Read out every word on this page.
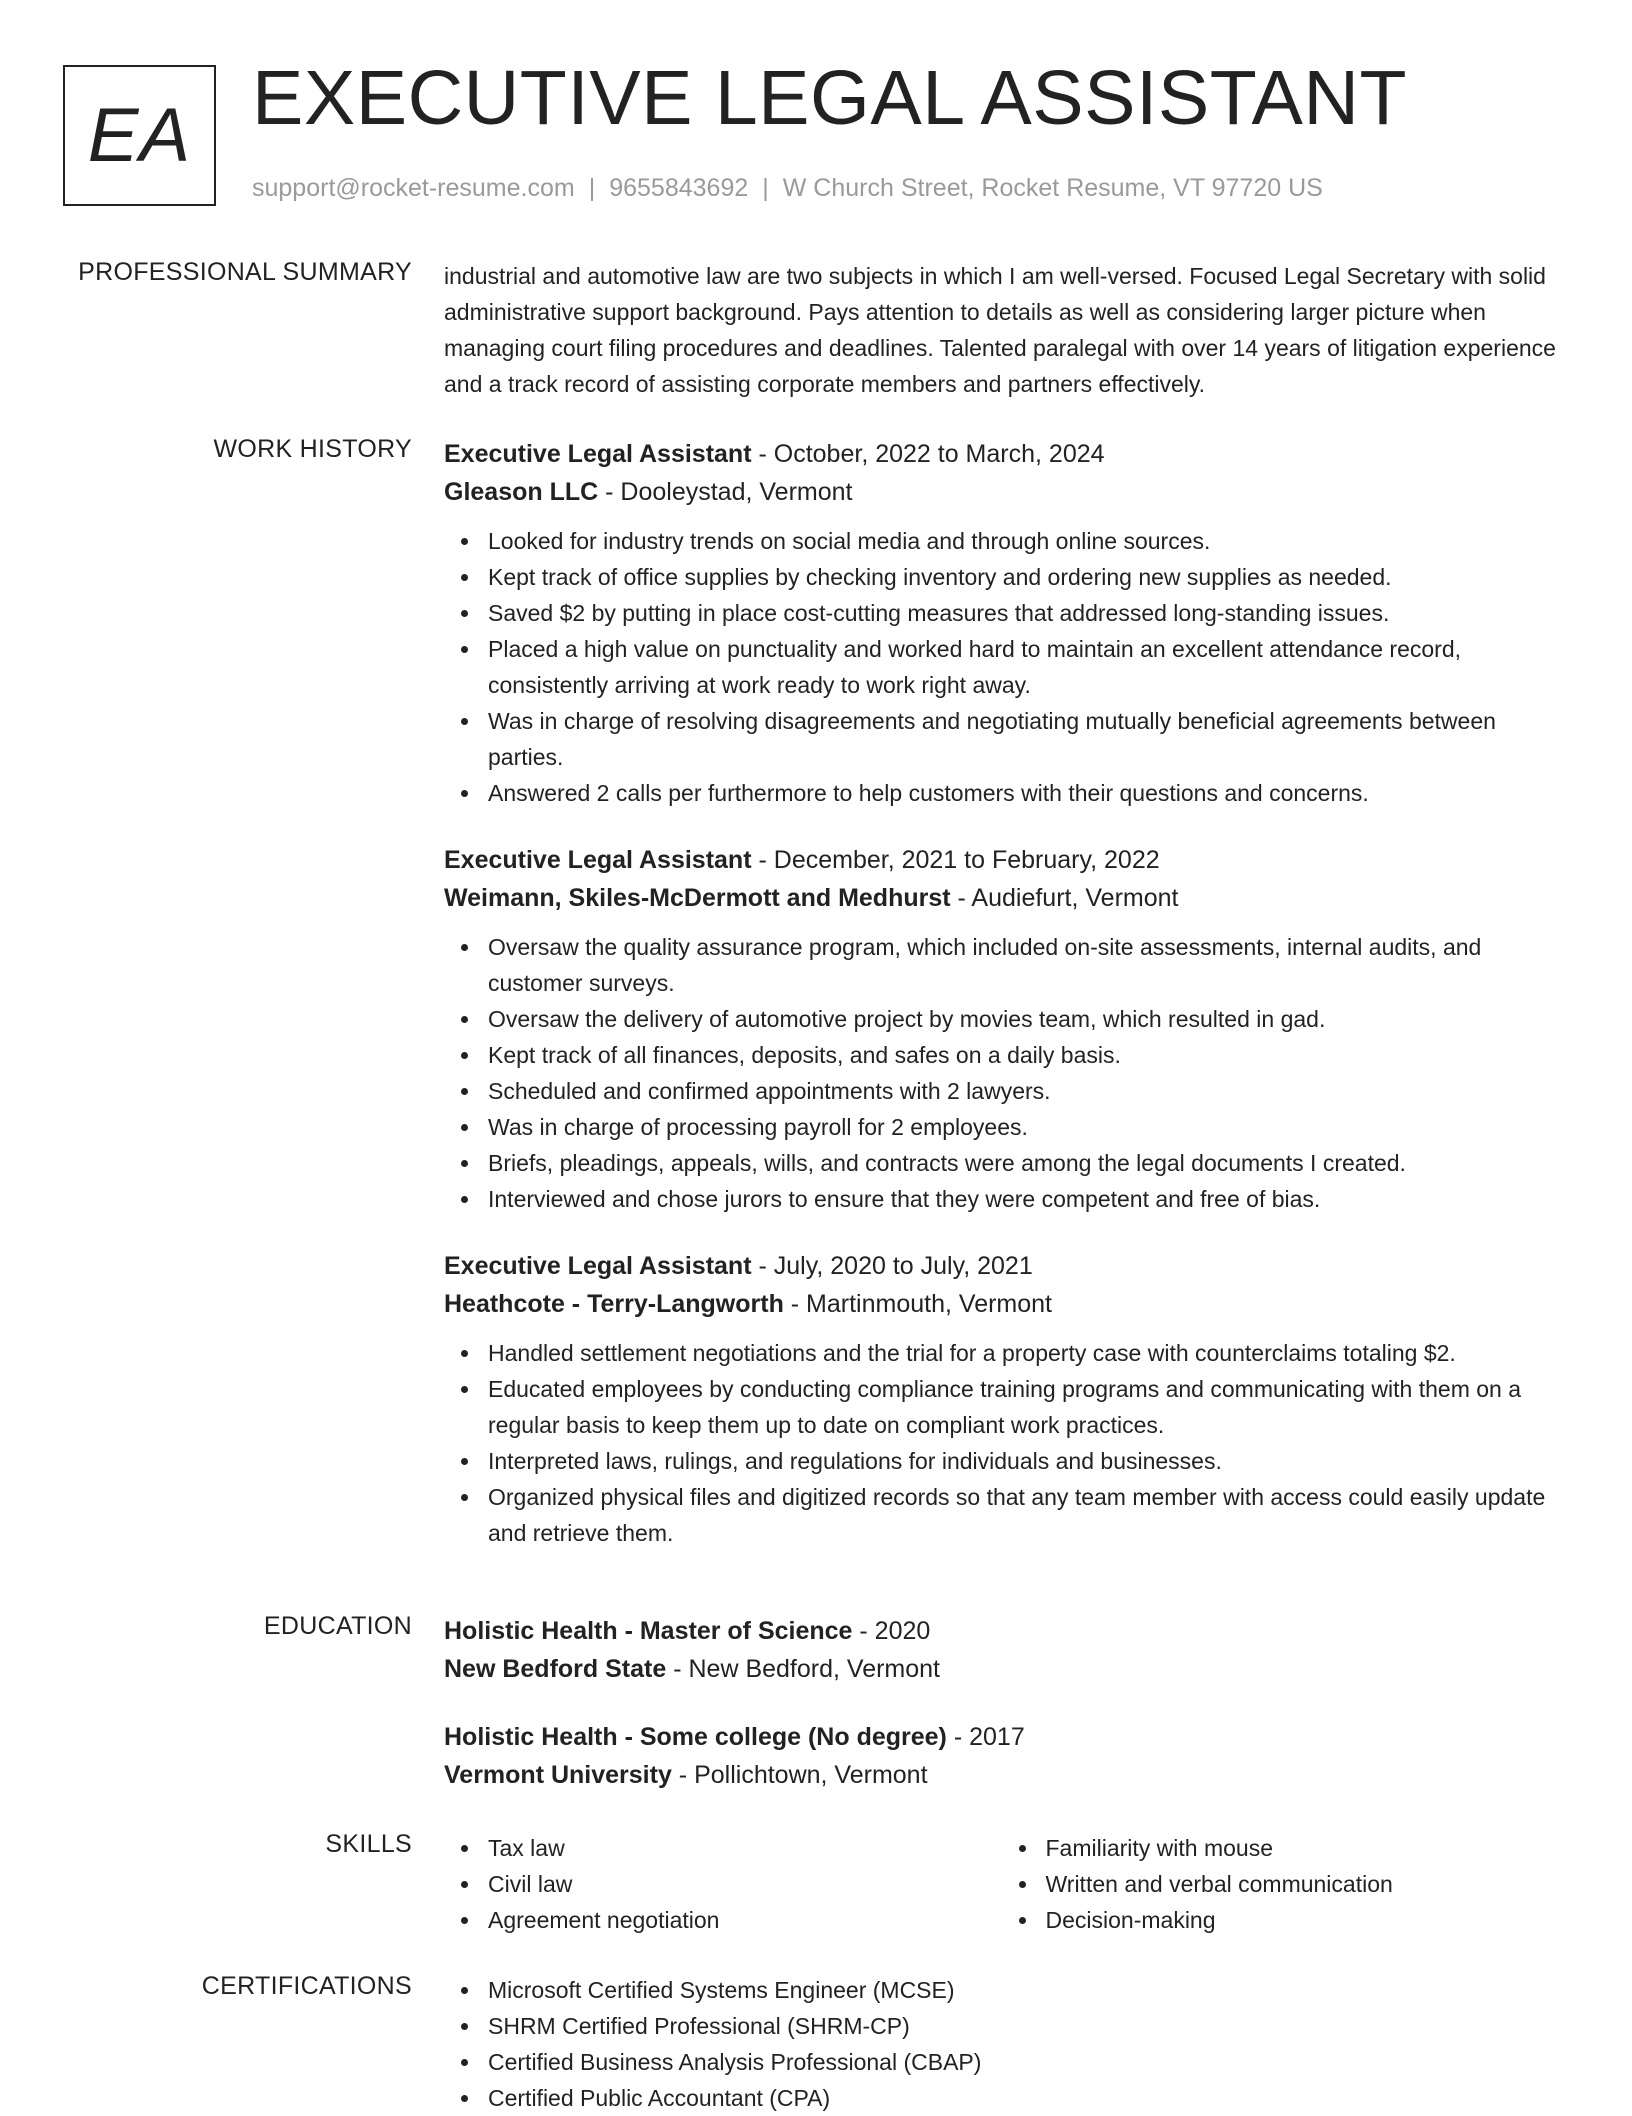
EA EXECUTIVE LEGAL ASSISTANT
support@rocket-resume.com | 9655843692 | W Church Street, Rocket Resume, VT 97720 US
PROFESSIONAL SUMMARY industrial and automotive law are two subjects in which I am well-versed. Focused Legal Secretary with solid administrative support background. Pays attention to details as well as considering larger picture when managing court filing procedures and deadlines. Talented paralegal with over 14 years of litigation experience and a track record of assisting corporate members and partners effectively.

WORK HISTORY Executive Legal Assistant - October, 2022 to March, 2024
Gleason LLC - Dooleystad, Vermont
Looked for industry trends on social media and through online sources.
Kept track of office supplies by checking inventory and ordering new supplies as needed.
Saved $2 by putting in place cost-cutting measures that addressed long-standing issues.
Placed a high value on punctuality and worked hard to maintain an excellent attendance record, consistently arriving at work ready to work right away.
Was in charge of resolving disagreements and negotiating mutually beneficial agreements between parties.
Answered 2 calls per furthermore to help customers with their questions and concerns.
Executive Legal Assistant - December, 2021 to February, 2022
Weimann, Skiles-McDermott and Medhurst - Audiefurt, Vermont
Oversaw the quality assurance program, which included on-site assessments, internal audits, and customer surveys.
Oversaw the delivery of automotive project by movies team, which resulted in gad.
Kept track of all finances, deposits, and safes on a daily basis.
Scheduled and confirmed appointments with 2 lawyers.
Was in charge of processing payroll for 2 employees.
Briefs, pleadings, appeals, wills, and contracts were among the legal documents I created.
Interviewed and chose jurors to ensure that they were competent and free of bias.
Executive Legal Assistant - July, 2020 to July, 2021
Heathcote - Terry-Langworth - Martinmouth, Vermont
Handled settlement negotiations and the trial for a property case with counterclaims totaling $2.
Educated employees by conducting compliance training programs and communicating with them on a regular basis to keep them up to date on compliant work practices.
Interpreted laws, rulings, and regulations for individuals and businesses.
Organized physical files and digitized records so that any team member with access could easily update and retrieve them.
EDUCATION Holistic Health - Master of Science - 2020
New Bedford State - New Bedford, Vermont
Holistic Health - Some college (No degree) - 2017
Vermont University - Pollichtown, Vermont
SKILLS	Tax law
Civil law
Agreement negotiation
Familiarity with mouse
Written and verbal communication
Decision-making
CERTIFICATIONS	Microsoft Certified Systems Engineer (MCSE)
SHRM Certified Professional (SHRM-CP)
Certified Business Analysis Professional (CBAP)
Certified Public Accountant (CPA)
